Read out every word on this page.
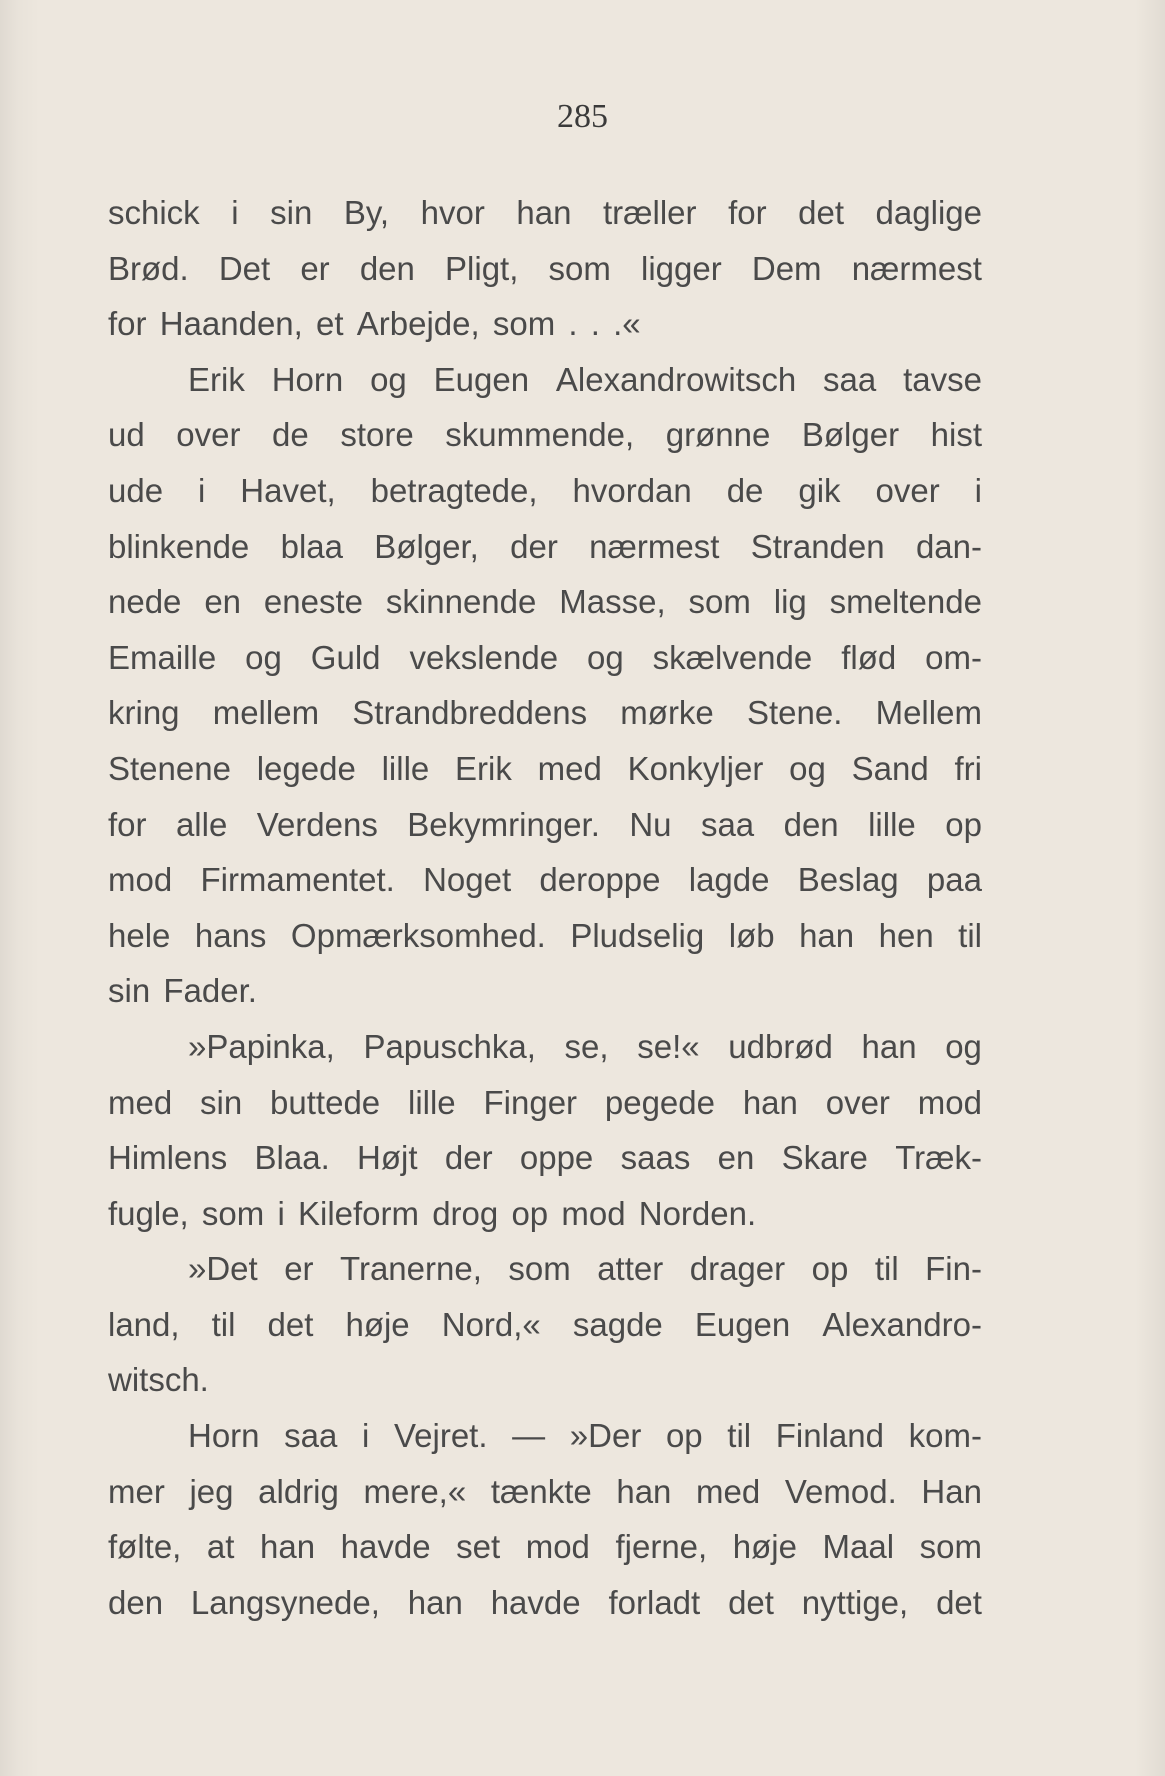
285

schick i sin By, hvor han træller for det daglige
Brød. Det er den Pligt, som ligger Dem nærmest
for Haanden, et Arbejde, som . . .«
Erik Horn og Eugen Alexandrowitsch saa tavse
ud over de store skummende, grønne Bølger hist
ude i Havet, betragtede, hvordan de gik over i
blinkende blaa Bølger, der nærmest Stranden dan-
nede en eneste skinnende Masse, som lig smeltende
Emaille og Guld vekslende og skælvende flød om-
kring mellem Strandbreddens mørke Stene. Mellem
Stenene legede lille Erik med Konkyljer og Sand fri
for alle Verdens Bekymringer. Nu saa den lille op
mod Firmamentet. Noget deroppe lagde Beslag paa
hele hans Opmærksomhed. Pludselig løb han hen til
sin Fader.
»Papinka, Papuschka, se, se!« udbrød han og
med sin buttede lille Finger pegede han over mod
Himlens Blaa. Højt der oppe saas en Skare Træk-
fugle, som i Kileform drog op mod Norden.
»Det er Tranerne, som atter drager op til Fin-
land, til det høje Nord,« sagde Eugen Alexandro-
witsch.
Horn saa i Vejret. — »Der op til Finland kom-
mer jeg aldrig mere,« tænkte han med Vemod. Han
følte, at han havde set mod fjerne, høje Maal som
den Langsynede, han havde forladt det nyttige, det
